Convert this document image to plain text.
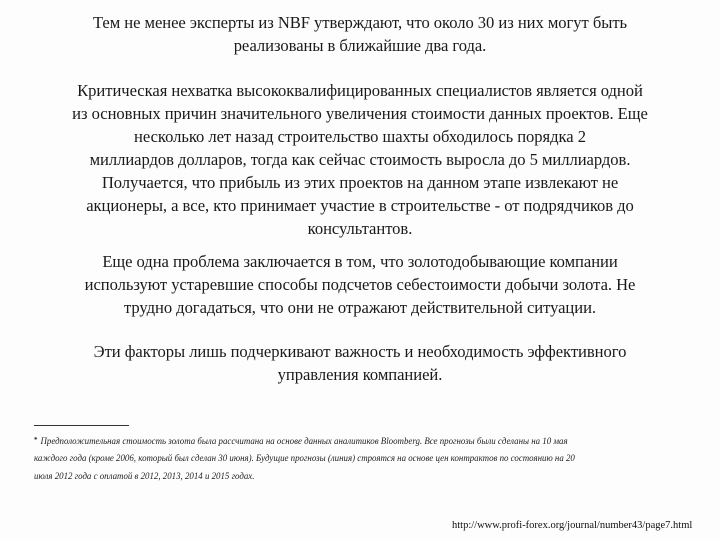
Тем не менее эксперты из NBF утверждают, что около 30 из них могут быть
реализованы в ближайшие два года.

Критическая нехватка высококвалифицированных специалистов является одной
из основных причин значительного увеличения стоимости данных проектов. Еще
несколько лет назад строительство шахты обходилось порядка 2
миллиардов долларов, тогда как сейчас стоимость выросла до 5 миллиардов.
Получается, что прибыль из этих проектов на данном этапе извлекают не
акционеры, а все, кто принимает участие в строительстве - от подрядчиков до
консультантов.

Еще одна проблема заключается в том, что золотодобывающие компании
используют устаревшие способы подсчетов себестоимости добычи золота. Не
трудно догадаться, что они не отражают действительной ситуации.

Эти факторы лишь подчеркивают важность и необходимость эффективного
управления компанией.

* Предположительная стоимость золота была рассчитана на основе данных аналитиков Bloomberg. Все прогнозы были сделаны на 10 мая
каждого года (кроме 2006, который был сделан 30 июня). Будущие прогнозы (линия) строятся на основе цен контрактов по состоянию на 20
июля 2012 года с оплатой в 2012, 2013, 2014 и 2015 годах.
http://www.profi-forex.org/journal/number43/page7.html
